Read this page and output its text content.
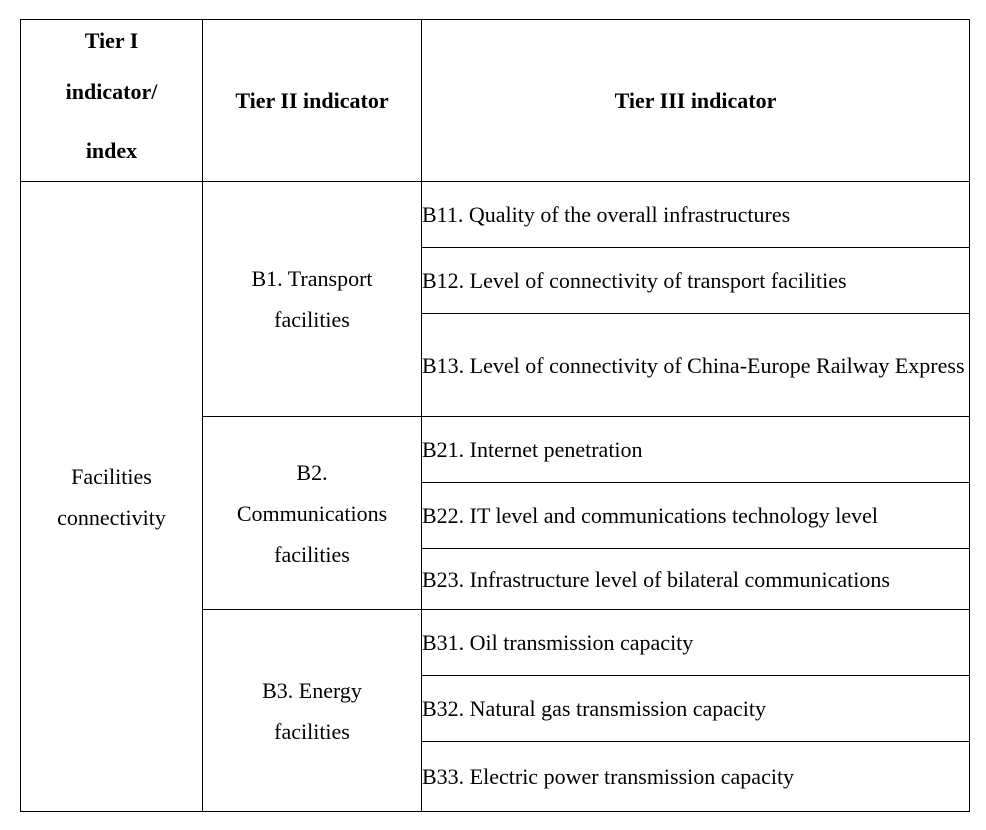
Tier I
indicator/
index	Tier II indicator	Tier III indicator

Facilities
connectivity	B1. Transport
facilities	B11. Quality of the overall infrastructures
		B12. Level of connectivity of transport facilities
		B13. Level of connectivity of China-Europe Railway Express

	B2.
Communications
facilities	B21. Internet penetration
		B22. IT level and communications technology level
		B23. Infrastructure level of bilateral communications

	B3. Energy
facilities	B31. Oil transmission capacity
		B32. Natural gas transmission capacity
		B33. Electric power transmission capacity
